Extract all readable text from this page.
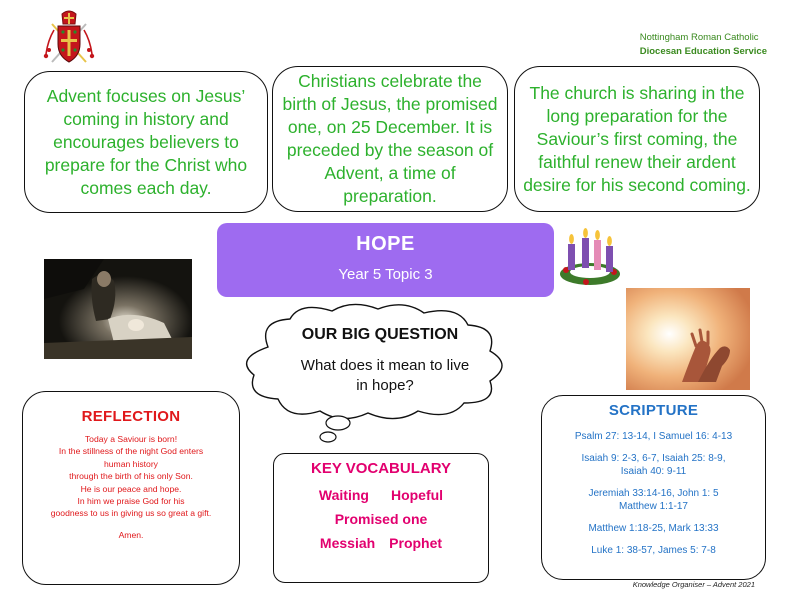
Nottingham Roman Catholic
Diocesan Education Service
Advent focuses on Jesus’ coming in history and encourages believers to prepare for the Christ who comes each day.
Christians celebrate the birth of Jesus, the promised one, on 25 December. It is preceded by the season of Advent, a time of preparation.
The church is sharing in the long preparation for the Saviour’s first coming, the faithful renew their ardent desire for his second coming.
HOPE
Year 5 Topic 3
OUR BIG QUESTION
What does it mean to live
in hope?
REFLECTION
Today a Saviour is born!
In the stillness of the night God enters
human history
through the birth of his only Son.
He is our peace and hope.
In him we praise God for his
goodness to us in giving us so great a gift.
Amen.
KEY VOCABULARY
Waiting Hopeful
Promised one
Messiah Prophet
SCRIPTURE
Psalm 27: 13-14, I Samuel 16: 4-13
Isaiah 9: 2-3, 6-7, Isaiah 25: 8-9,
Isaiah 40: 9-11
Jeremiah 33:14-16, John 1: 5
Matthew 1:1-17
Matthew 1:18-25, Mark 13:33
Luke 1: 38-57, James 5: 7-8
Knowledge Organiser – Advent 2021
